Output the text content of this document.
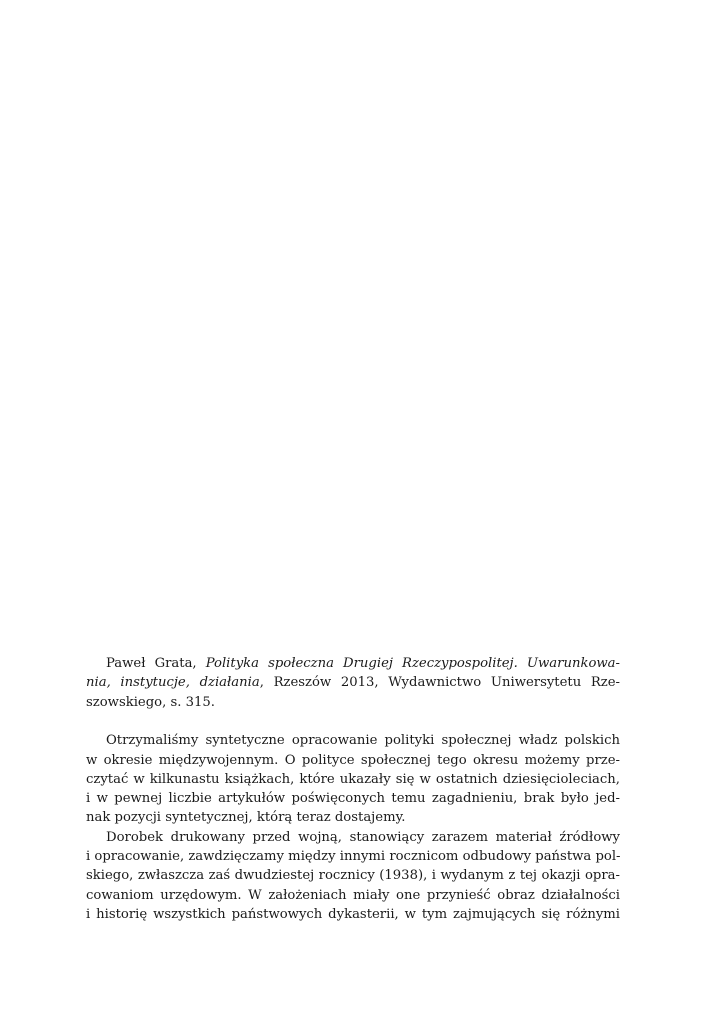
Paweł Grata, Polityka społeczna Drugiej Rzeczypospolitej. Uwarunkowa-
nia, instytucje, działania, Rzeszów 2013, Wydawnictwo Uniwersytetu Rze-
szowskiego, s. 315.
Otrzymaliśmy syntetyczne opracowanie polityki społecznej władz polskich
w okresie międzywojennym. O polityce społecznej tego okresu możemy prze-
czytać w kilkunastu książkach, które ukazały się w ostatnich dziesięcioleciach,
i w pewnej liczbie artykułów poświęconych temu zagadnieniu, brak było jed-
nak pozycji syntetycznej, którą teraz dostajemy.
Dorobek drukowany przed wojną, stanowiący zarazem materiał źródłowy
i opracowanie, zawdzięczamy między innymi rocznicom odbudowy państwa pol-
skiego, zwłaszcza zaś dwudziestej rocznicy (1938), i wydanym z tej okazji opra-
cowaniom urzędowym. W założeniach miały one przynieść obraz działalności
i historię wszystkich państwowych dykasterii, w tym zajmujących się różnymi
